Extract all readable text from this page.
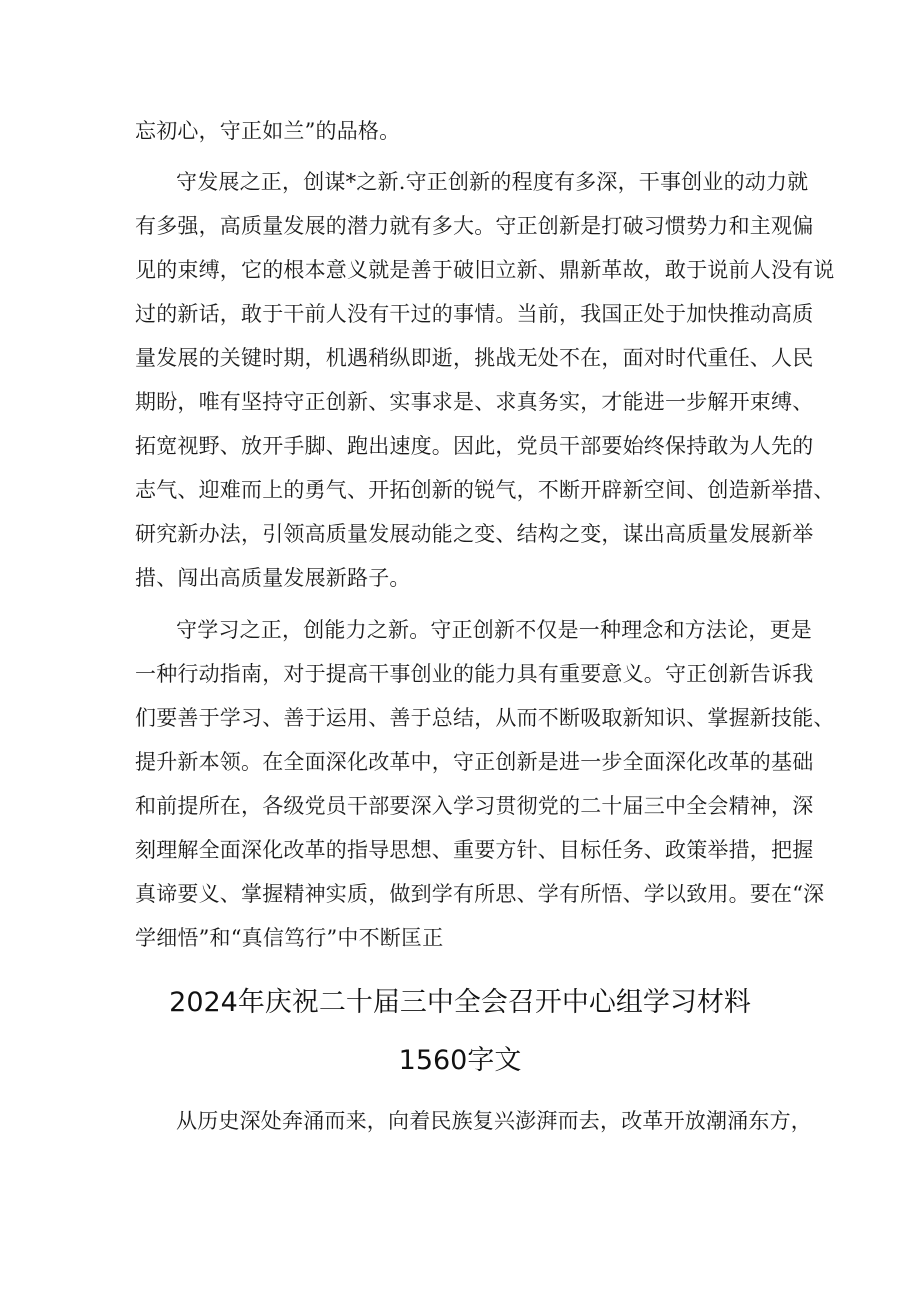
忘初心，守正如兰”的品格。
守发展之正，创谋*之新.守正创新的程度有多深，干事创业的动力就
有多强，高质量发展的潜力就有多大。守正创新是打破习惯势力和主观偏
见的束缚，它的根本意义就是善于破旧立新、鼎新革故，敢于说前人没有说
过的新话，敢于干前人没有干过的事情。当前，我国正处于加快推动高质
量发展的关键时期，机遇稍纵即逝，挑战无处不在，面对时代重任、人民
期盼，唯有坚持守正创新、实事求是、求真务实，才能进一步解开束缚、
拓宽视野、放开手脚、跑出速度。因此，党员干部要始终保持敢为人先的
志气、迎难而上的勇气、开拓创新的锐气，不断开辟新空间、创造新举措、
研究新办法，引领高质量发展动能之变、结构之变，谋出高质量发展新举
措、闯出高质量发展新路子。
守学习之正，创能力之新。守正创新不仅是一种理念和方法论，更是
一种行动指南，对于提高干事创业的能力具有重要意义。守正创新告诉我
们要善于学习、善于运用、善于总结，从而不断吸取新知识、掌握新技能、
提升新本领。在全面深化改革中，守正创新是进一步全面深化改革的基础
和前提所在，各级党员干部要深入学习贯彻党的二十届三中全会精神，深
刻理解全面深化改革的指导思想、重要方针、目标任务、政策举措，把握
真谛要义、掌握精神实质，做到学有所思、学有所悟、学以致用。要在“深
学细悟”和“真信笃行”中不断匡正
2024年庆祝二十届三中全会召开中心组学习材料
1560字文
从历史深处奔涌而来，向着民族复兴澎湃而去，改革开放潮涌东方，
